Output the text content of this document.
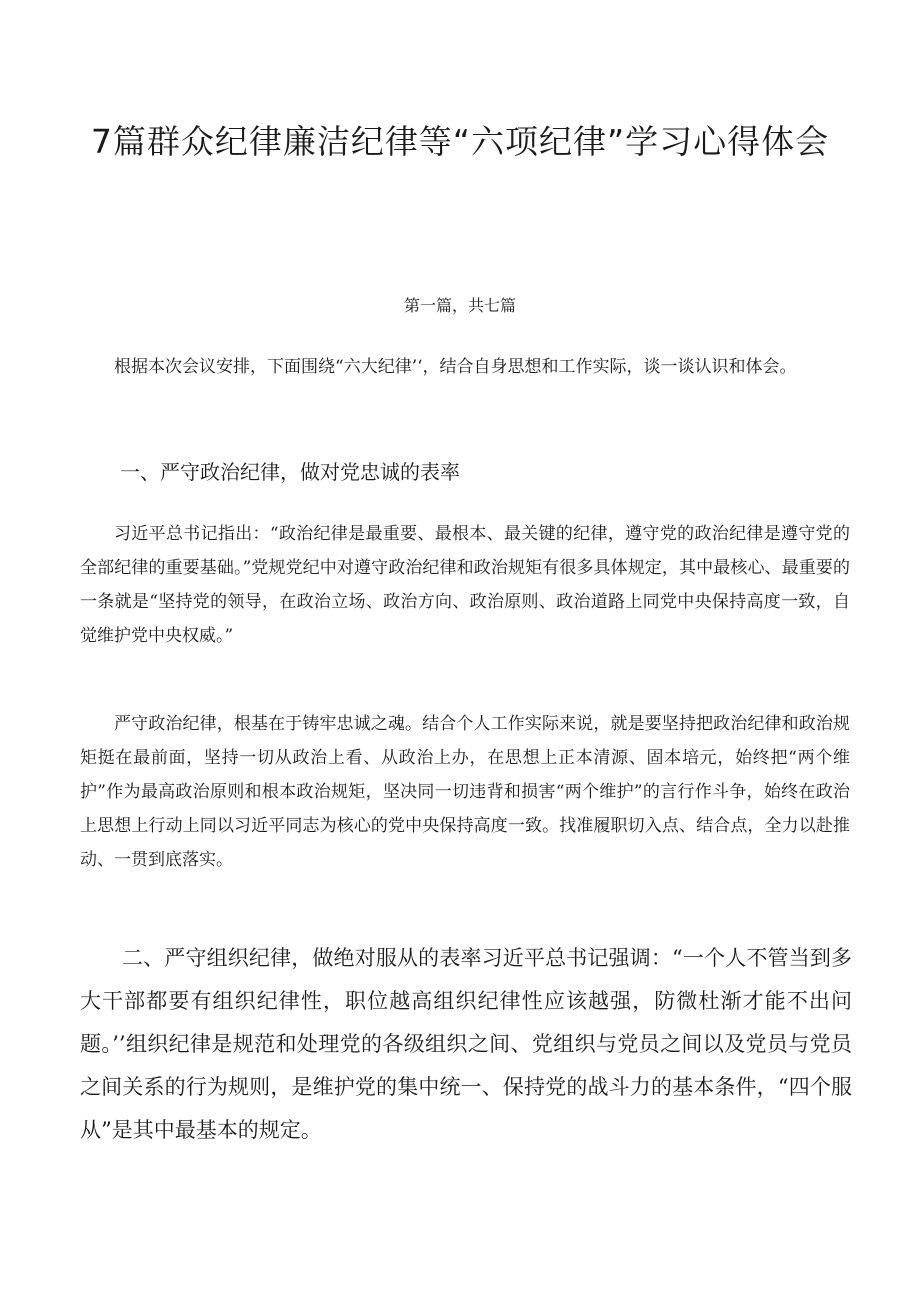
7篇群众纪律廉洁纪律等“六项纪律”学习心得体会

第一篇，共七篇

根据本次会议安排，下面围绕“六大纪律’‘，结合自身思想和工作实际，谈一谈认识和体会。

一、严守政治纪律，做对党忠诚的表率

习近平总书记指出：“政治纪律是最重要、最根本、最关键的纪律，遵守党的政治纪律是遵守党的全部纪律的重要基础。”党规党纪中对遵守政治纪律和政治规矩有很多具体规定，其中最核心、最重要的一条就是“坚持党的领导，在政治立场、政治方向、政治原则、政治道路上同党中央保持高度一致，自觉维护党中央权威。”

严守政治纪律，根基在于铸牢忠诚之魂。结合个人工作实际来说，就是要坚持把政治纪律和政治规矩挺在最前面，坚持一切从政治上看、从政治上办，在思想上正本清源、固本培元，始终把“两个维护”作为最高政治原则和根本政治规矩，坚决同一切违背和损害“两个维护”的言行作斗争，始终在政治上思想上行动上同以习近平同志为核心的党中央保持高度一致。找准履职切入点、结合点，全力以赴推动、一贯到底落实。

二、严守组织纪律，做绝对服从的表率习近平总书记强调：“一个人不管当到多大干部都要有组织纪律性，职位越高组织纪律性应该越强，防微杜渐才能不出问题。’’组织纪律是规范和处理党的各级组织之间、党组织与党员之间以及党员与党员之间关系的行为规则，是维护党的集中统一、保持党的战斗力的基本条件，“四个服从”是其中最基本的规定。
